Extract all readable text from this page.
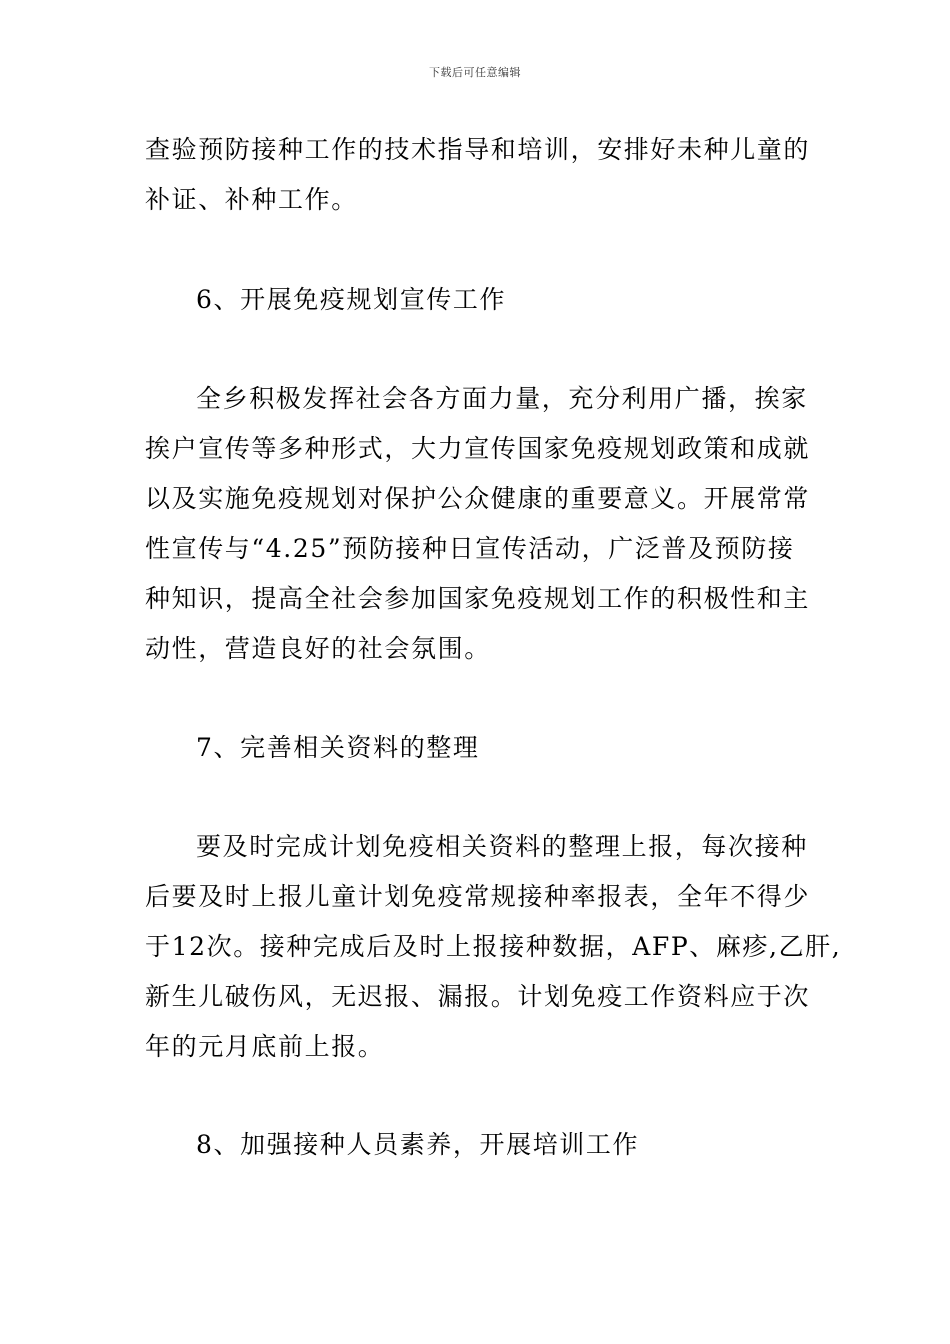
下载后可任意编辑
查验预防接种工作的技术指导和培训，安排好未种儿童的
补证、补种工作。
6、开展免疫规划宣传工作
全乡积极发挥社会各方面力量，充分利用广播，挨家
挨户宣传等多种形式，大力宣传国家免疫规划政策和成就
以及实施免疫规划对保护公众健康的重要意义。开展常常
性宣传与“4.25”预防接种日宣传活动，广泛普及预防接
种知识，提高全社会参加国家免疫规划工作的积极性和主
动性，营造良好的社会氛围。
7、完善相关资料的整理
要及时完成计划免疫相关资料的整理上报，每次接种
后要及时上报儿童计划免疫常规接种率报表，全年不得少
于12次。接种完成后及时上报接种数据，AFP、麻疹,乙肝,
新生儿破伤风，无迟报、漏报。计划免疫工作资料应于次
年的元月底前上报。
8、加强接种人员素养，开展培训工作
